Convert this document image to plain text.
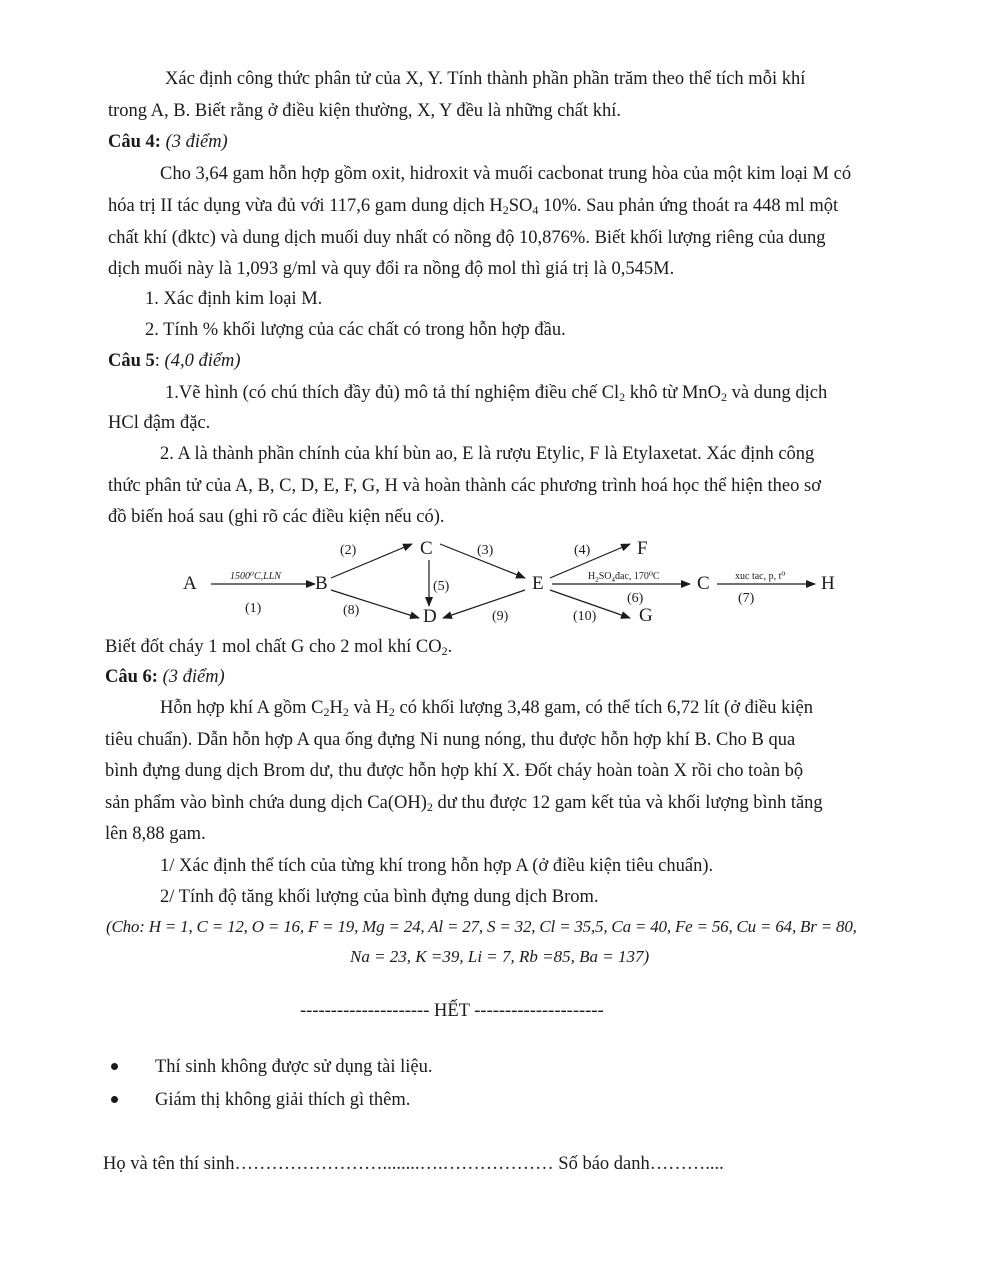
Xác định công thức phân tử của X, Y. Tính thành phần phần trăm theo thể tích mỗi khí
trong A, B. Biết rằng ở điều kiện thường, X, Y đều là những chất khí.
Câu 4: (3 điểm)
Cho 3,64 gam hỗn hợp gồm oxit, hidroxit và muối cacbonat trung hòa của một kim loại M có
hóa trị II tác dụng vừa đủ với 117,6 gam dung dịch $H_2SO_4$ 10%. Sau phản ứng thoát ra 448 ml một
chất khí (đktc) và dung dịch muối duy nhất có nồng độ 10,876%. Biết khối lượng riêng của dung
dịch muối này là 1,093 g/ml và quy đổi ra nồng độ mol thì giá trị là 0,545M.
1. Xác định kim loại M.
2. Tính % khối lượng của các chất có trong hỗn hợp đầu.
Câu 5: (4,0 điểm)
1.Vẽ hình (có chú thích đầy đủ) mô tả thí nghiệm điều chế $Cl_2$ khô từ MnO$_2$ và dung dịch
HCl đậm đặc.
2. A là thành phần chính của khí bùn ao, E là rượu Etylic, F là Etylaxetat. Xác định công
thức phân tử của A, B, C, D, E, F, G, H và hoàn thành các phương trình hoá học thể hiện theo sơ
đồ biến hoá sau (ghi rõ các điều kiện nếu có).
A	B
C
D
E
F
G
C	H
1500⁰C,LLN	$H_2SO_4đac$, 170⁰C	xuc tac, p, t⁰
(1)
(2)	(3)	(4)
(5)
(6)	(7)
(8)	(9)	(10)
Biết đốt cháy 1 mol chất G cho 2 mol khí $CO_2$.
Câu 6: (3 điểm)
Hỗn hợp khí A gồm $C_2H_2$ và $H_2$ có khối lượng 3,48 gam, có thể tích 6,72 lít (ở điều kiện
tiêu chuẩn). Dẫn hỗn hợp A qua ống đựng Ni nung nóng, thu được hỗn hợp khí B. Cho B qua
bình đựng dung dịch Brom dư, thu được hỗn hợp khí X. Đốt cháy hoàn toàn X rồi cho toàn bộ
sản phẩm vào bình chứa dung dịch $Ca(OH)_2$ dư thu được 12 gam kết tủa và khối lượng bình tăng
lên 8,88 gam.
1/ Xác định thể tích của từng khí trong hỗn hợp A (ở điều kiện tiêu chuẩn).
2/ Tính độ tăng khối lượng của bình đựng dung dịch Brom.
(Cho: H = 1, C = 12, O = 16, F = 19, Mg = 24, Al = 27, S = 32, Cl = 35,5, Ca = 40, Fe = 56, Cu = 64, Br = 80,
Na = 23, K =39, Li = 7, Rb =85, Ba = 137)
--------------------- HẾT ---------------------
Thí sinh không được sử dụng tài liệu.
Giám thị không giải thích gì thêm.
Họ và tên thí sinh……………………........….……………… Số báo danh………....
